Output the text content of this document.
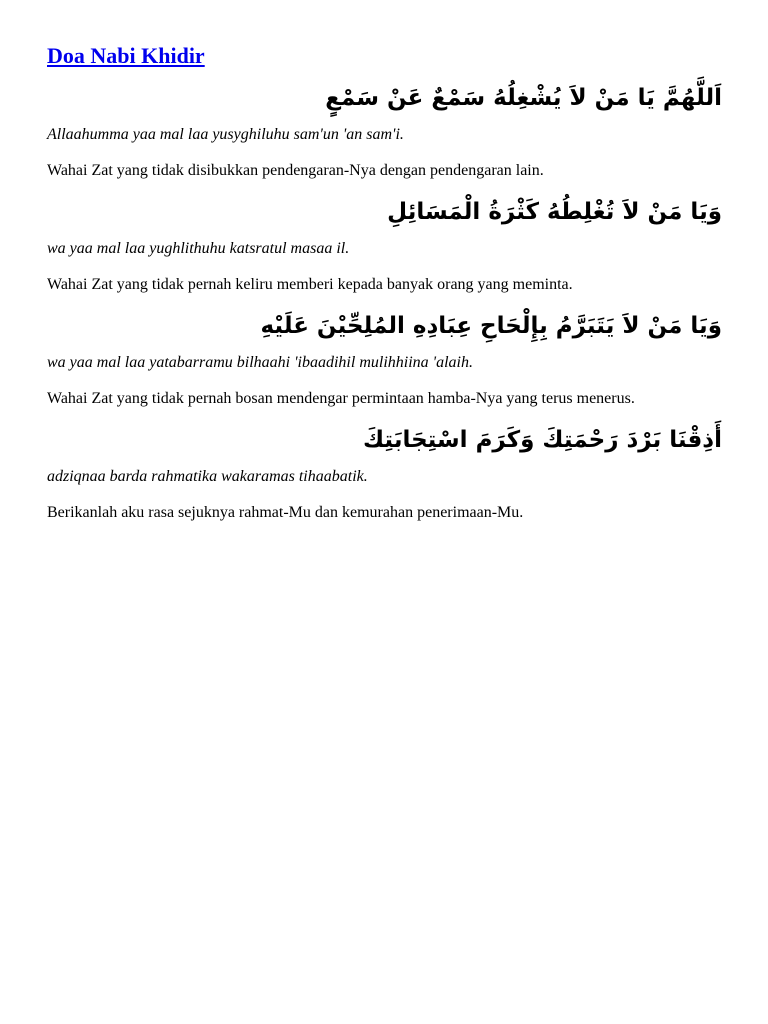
Doa Nabi Khidir
اَللَّهُمَّ يَا مَنْ لاَ يُشْغِلُهُ سَمْعٌ عَنْ سَمْعٍ
Allaahumma yaa mal laa yusyghiluhu sam'un 'an sam'i.
Wahai Zat yang tidak disibukkan pendengaran-Nya dengan pendengaran lain.
وَيَا مَنْ لاَ تُغْلِطُهُ كَثْرَةُ الْمَسَائِلِ
wa yaa mal laa yughlithuhu katsratul masaa il.
Wahai Zat yang tidak pernah keliru memberi kepada banyak orang yang meminta.
وَيَا مَنْ لاَ يَتَبَرَّمُ بِإِلْحَاحِ عِبَادِهِ المُلِحِّيْنَ عَلَيْهِ
wa yaa mal laa yatabarramu bilhaahi 'ibaadihil mulihhiina 'alaih.
Wahai Zat yang tidak pernah bosan mendengar permintaan hamba-Nya yang terus menerus.
أَذِقْنَا بَرْدَ رَحْمَتِكَ وَكَرَمَ اسْتِجَابَتِكَ
adziqnaa barda rahmatika wakaramas tihaabatik.
Berikanlah aku rasa sejuknya rahmat-Mu dan kemurahan penerimaan-Mu.
